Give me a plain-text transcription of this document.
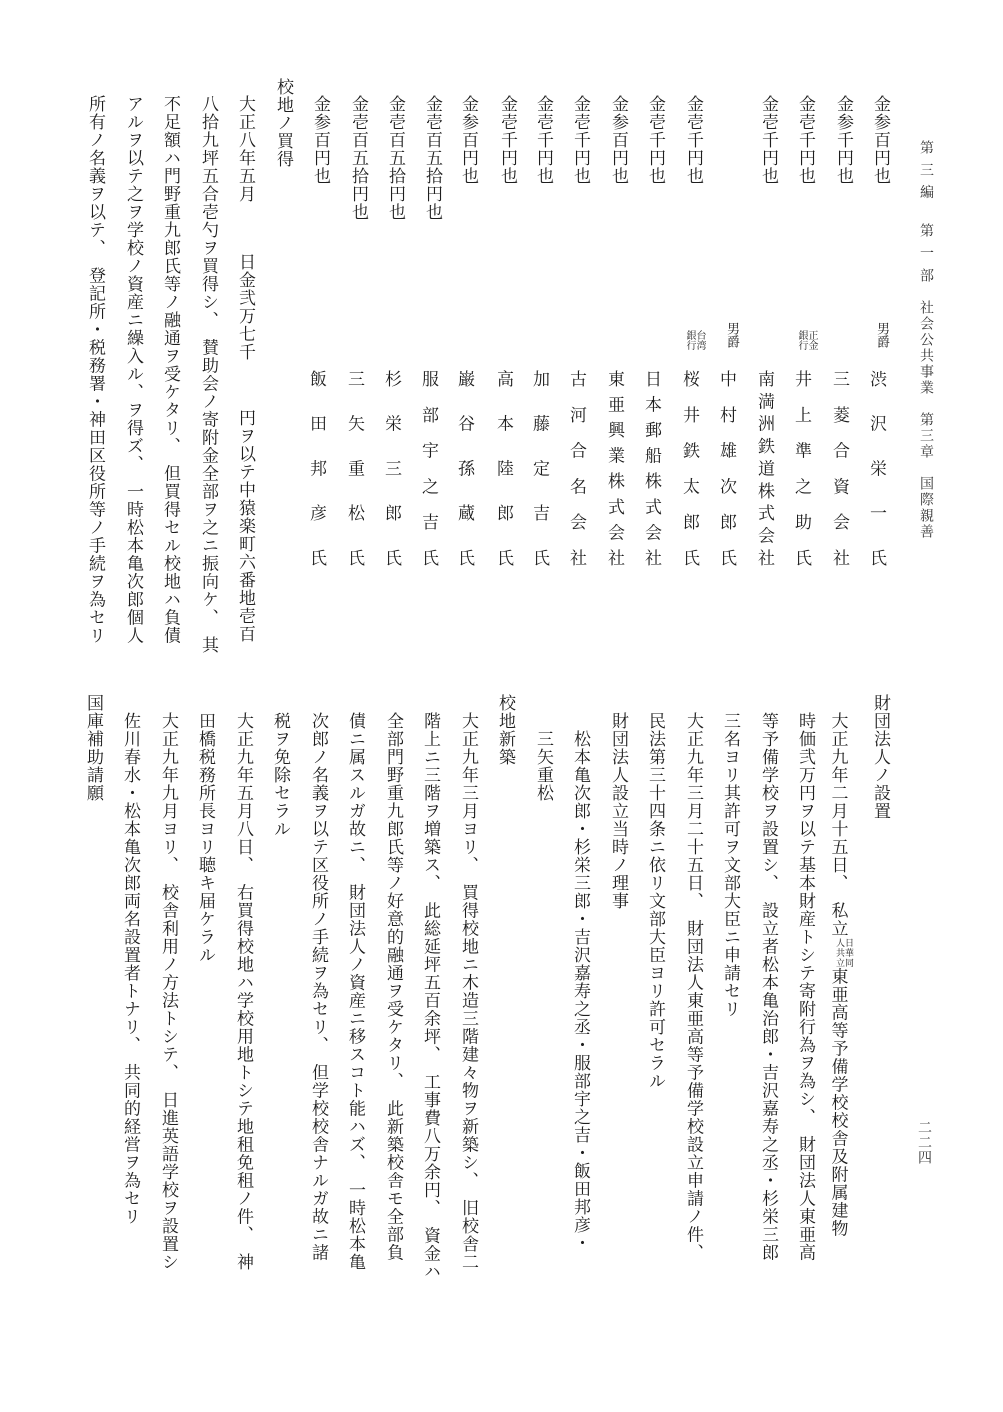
第 三 編　 第 一 部　社会公共事業　第三章　国際親善
二二四
金参百円也
男爵
渋沢栄一氏
金参千円也
三菱合資会社
金壱千円也
正金
銀行
井上準之助氏
金壱千円也
南満洲鉄道株式会社
男爵
中村雄次郎氏
金壱千円也
台湾
銀行
桜井鉄太郎氏
金壱千円也
日本郵船株式会社
金参百円也
東亜興業株式会社
金壱千円也
古河合名会社
金壱千円也
加藤定吉氏
金壱千円也
高本陸郎氏
金参百円也
巌谷孫蔵氏
金壱百五拾円也
服部宇之吉氏
金壱百五拾円也
杉栄三郎氏
金壱百五拾円也
三矢重松氏
金参百円也
飯田邦彦氏
校地ノ買得
大正八年五月日金弐万七千円ヲ以テ中猿楽町六番地壱百
八拾九坪五合壱勺ヲ買得シ、　賛助会ノ寄附金全部ヲ之ニ振向ケ、　其
不足額ハ門野重九郎氏等ノ融通ヲ受ケタリ、　但買得セル校地ハ負債
アルヲ以テ之ヲ学校ノ資産ニ繰入ル、ヲ得ズ、　一時松本亀次郎個人
所有ノ名義ヲ以テ、　登記所・税務署・神田区役所等ノ手続ヲ為セリ
財団法人ノ設置
大正九年二月十五日、　私立日華同
人共立東亜高等予備学校校舎及附属建物
時価弐万円ヲ以テ基本財産トシテ寄附行為ヲ為シ、　財団法人東亜高
等予備学校ヲ設置シ、　設立者松本亀治郎・吉沢嘉寿之丞・杉栄三郎
三名ヨリ其許可ヲ文部大臣ニ申請セリ
大正九年三月二十五日、　財団法人東亜高等予備学校設立申請ノ件、
民法第三十四条ニ依リ文部大臣ヨリ許可セラル
財団法人設立当時ノ理事
松本亀次郎・杉栄三郎・吉沢嘉寿之丞・服部宇之吉・飯田邦彦・
三矢重松
校地新築
大正九年三月ヨリ、　買得校地ニ木造三階建々物ヲ新築シ、　旧校舎二
階上ニ三階ヲ増築ス、　此総延坪五百余坪、　工事費八万余円、　資金ハ
全部門野重九郎氏等ノ好意的融通ヲ受ケタリ、　此新築校舎モ全部負
債ニ属スルガ故ニ、　財団法人ノ資産ニ移スコト能ハズ、　一時松本亀
次郎ノ名義ヲ以テ区役所ノ手続ヲ為セリ、　但学校校舎ナルガ故ニ諸
税ヲ免除セラル
大正九年五月八日、　右買得校地ハ学校用地トシテ地租免租ノ件、　神
田橋税務所長ヨリ聴キ届ケラル
大正九年九月ヨリ、　校舎利用ノ方法トシテ、　日進英語学校ヲ設置シ
佐川春水・松本亀次郎両名設置者トナリ、　共同的経営ヲ為セリ
国庫補助請願
